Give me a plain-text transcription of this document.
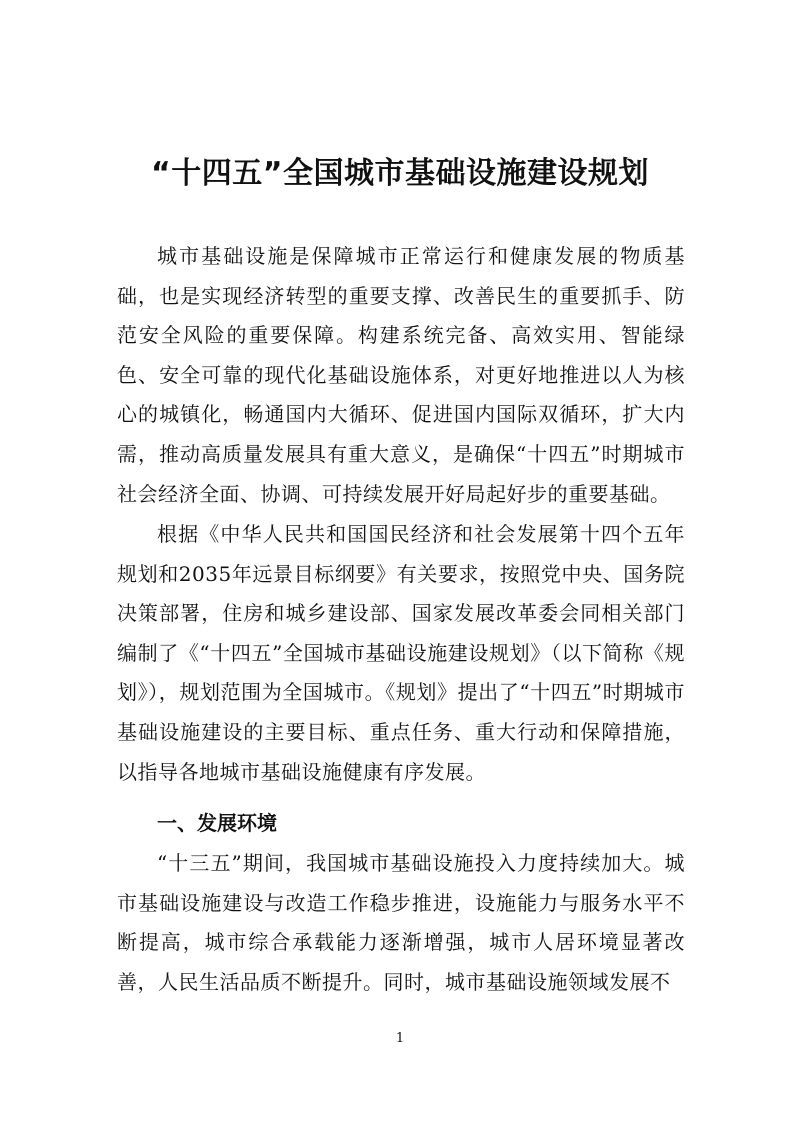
“十四五”全国城市基础设施建设规划

城市基础设施是保障城市正常运行和健康发展的物质基础，也是实现经济转型的重要支撑、改善民生的重要抓手、防范安全风险的重要保障。构建系统完备、高效实用、智能绿色、安全可靠的现代化基础设施体系，对更好地推进以人为核心的城镇化，畅通国内大循环、促进国内国际双循环，扩大内需，推动高质量发展具有重大意义，是确保“十四五”时期城市社会经济全面、协调、可持续发展开好局起好步的重要基础。

根据《中华人民共和国国民经济和社会发展第十四个五年规划和2035年远景目标纲要》有关要求，按照党中央、国务院决策部署，住房和城乡建设部、国家发展改革委会同相关部门编制了《“十四五”全国城市基础设施建设规划》（以下简称《规划》），规划范围为全国城市。《规划》提出了“十四五”时期城市基础设施建设的主要目标、重点任务、重大行动和保障措施，以指导各地城市基础设施健康有序发展。

一、发展环境

“十三五”期间，我国城市基础设施投入力度持续加大。城市基础设施建设与改造工作稳步推进，设施能力与服务水平不断提高，城市综合承载能力逐渐增强，城市人居环境显著改善，人民生活品质不断提升。同时，城市基础设施领域发展不

1
